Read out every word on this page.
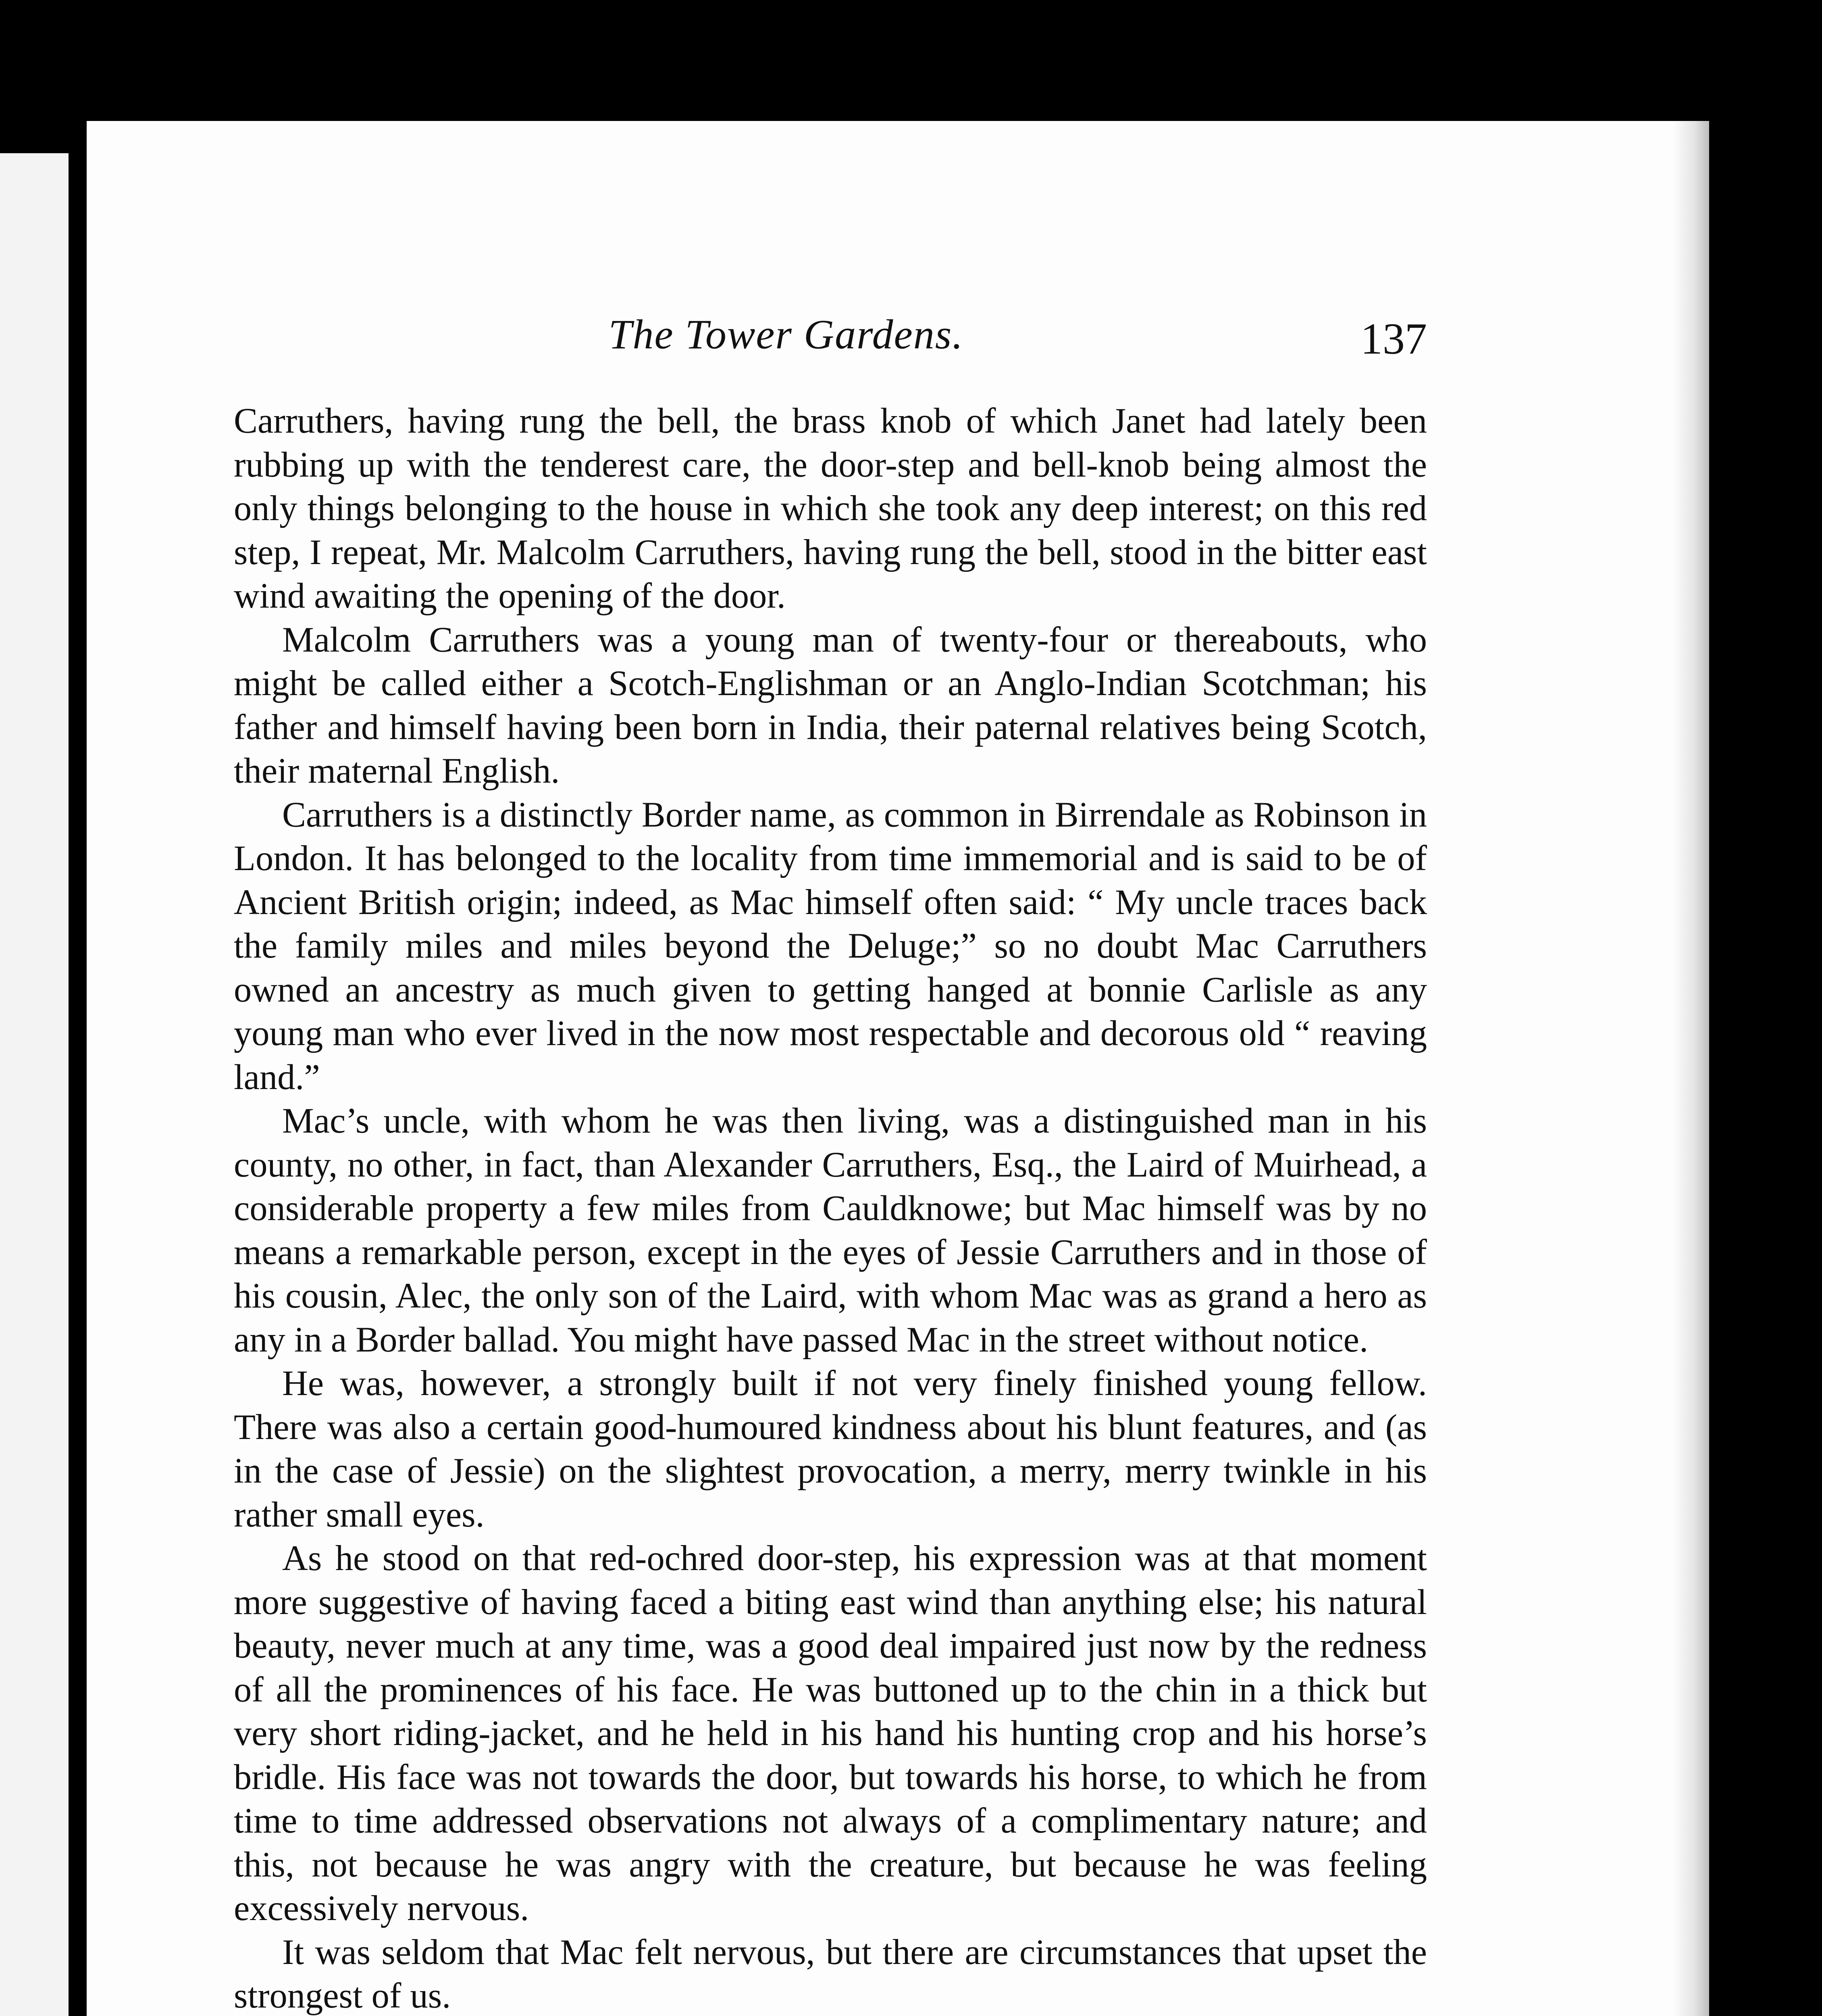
The Tower Gardens.	137

Carruthers, having rung the bell, the brass knob of which Janet had lately been rubbing up with the tenderest care, the door-step and bell-knob being almost the only things belonging to the house in which she took any deep interest; on this red step, I repeat, Mr. Malcolm Carruthers, having rung the bell, stood in the bitter east wind awaiting the opening of the door.

Malcolm Carruthers was a young man of twenty-four or thereabouts, who might be called either a Scotch-Englishman or an Anglo-Indian Scotchman; his father and himself having been born in India, their paternal relatives being Scotch, their maternal English.

Carruthers is a distinctly Border name, as common in Birrendale as Robinson in London. It has belonged to the locality from time immemorial and is said to be of Ancient British origin; indeed, as Mac himself often said: “ My uncle traces back the family miles and miles beyond the Deluge;” so no doubt Mac Carruthers owned an ancestry as much given to getting hanged at bonnie Carlisle as any young man who ever lived in the now most respectable and decorous old “ reaving land.”

Mac’s uncle, with whom he was then living, was a distinguished man in his county, no other, in fact, than Alexander Carruthers, Esq., the Laird of Muirhead, a considerable property a few miles from Cauldknowe; but Mac himself was by no means a remarkable person, except in the eyes of Jessie Carruthers and in those of his cousin, Alec, the only son of the Laird, with whom Mac was as grand a hero as any in a Border ballad. You might have passed Mac in the street without notice.

He was, however, a strongly built if not very finely finished young fellow. There was also a certain good-humoured kindness about his blunt features, and (as in the case of Jessie) on the slightest provocation, a merry, merry twinkle in his rather small eyes.

As he stood on that red-ochred door-step, his expression was at that moment more suggestive of having faced a biting east wind than anything else; his natural beauty, never much at any time, was a good deal impaired just now by the redness of all the prominences of his face. He was buttoned up to the chin in a thick but very short riding-jacket, and he held in his hand his hunting crop and his horse’s bridle. His face was not towards the door, but towards his horse, to which he from time to time addressed observations not always of a complimentary nature; and this, not because he was angry with the creature, but because he was feeling excessively nervous.

It was seldom that Mac felt nervous, but there are circumstances that upset the strongest of us.
